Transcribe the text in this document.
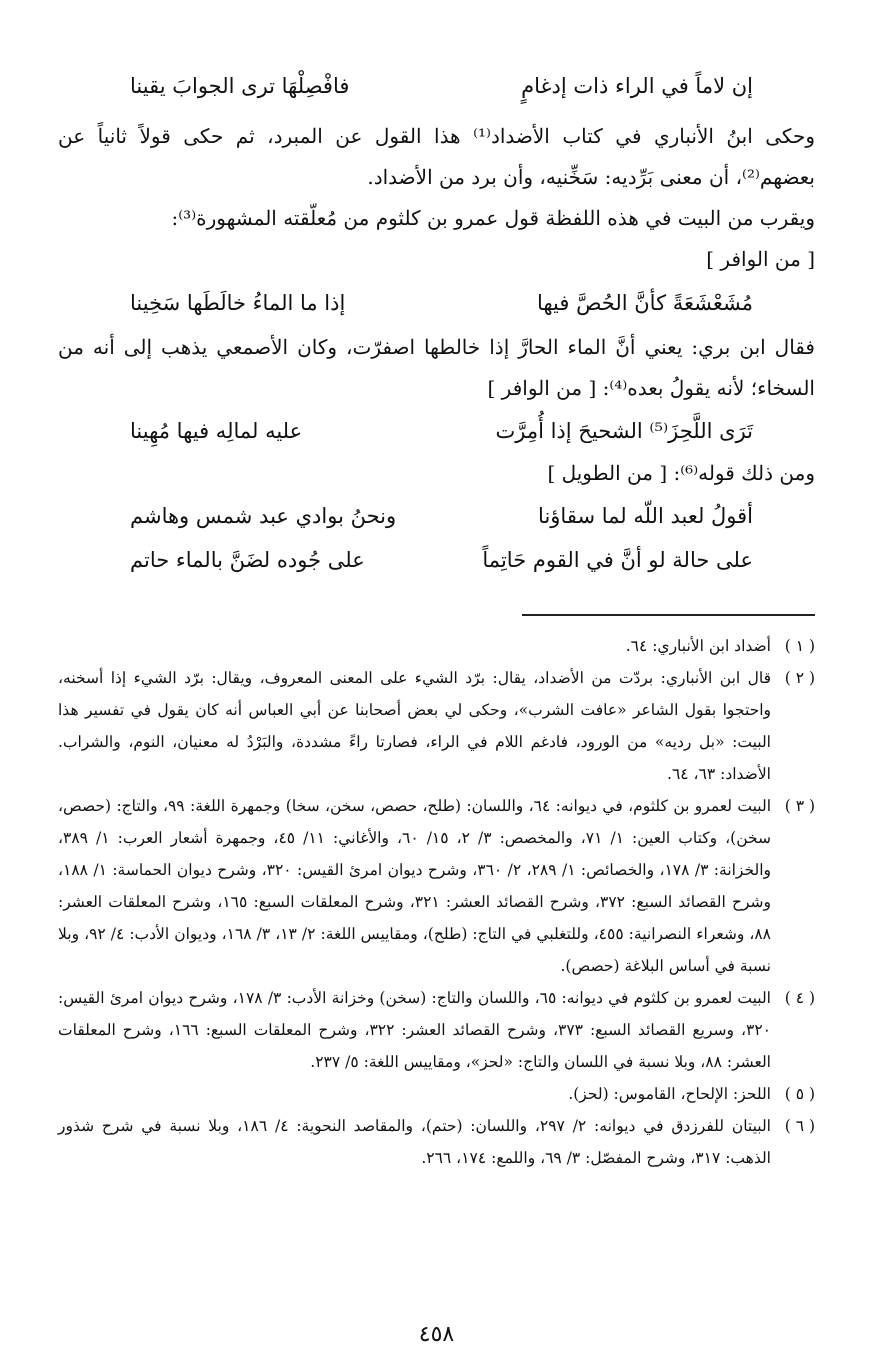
إن لاماً في الراء ذات إدغامٍ
فافْصِلْهَا ترى الجوابَ يقينا

وحكى ابنُ الأنباري في كتاب الأضداد⁽¹⁾ هذا القول عن المبرد، ثم حكى قولاً ثانياً عن بعضهم⁽²⁾، أن معنى بَرِّديه: سَخِّنيه، وأن برد من الأضداد.

ويقرب من البيت في هذه اللفظة قول عمرو بن كلثوم من مُعلّقته المشهورة⁽³⁾:

[ من الوافر ]

مُشَعْشَعَةً كأنَّ الحُصَّ فيها
إذا ما الماءُ خالَطَها سَخِينا

فقال ابن بري: يعني أنَّ الماء الحارَّ إذا خالطها اصفرّت، وكان الأصمعي يذهب إلى أنه من السخاء؛ لأنه يقولُ بعده⁽⁴⁾: [ من الوافر ]

تَرَى اللَّحِزَ⁽⁵⁾ الشحيحَ إذا أُمِرَّت
عليه لمالِه فيها مُهِينا

ومن ذلك قوله⁽⁶⁾: [ من الطويل ]

أقولُ لعبد اللّه لما سقاؤنا
ونحنُ بوادي عبد شمس وهاشم
على حالة لو أنَّ في القوم حَاتِماً
على جُوده لضَنَّ بالماء حاتم
( ١ )
أضداد ابن الأنباري: ٦٤.
( ٢ )
قال ابن الأنباري: بردّت من الأضداد، يقال: برّد الشيء على المعنى المعروف، ويقال: برّد الشيء إذا أسخنه، واحتجوا بقول الشاعر «عافت الشرب»، وحكى لي بعض أصحابنا عن أبي العباس أنه كان يقول في تفسير هذا البيت: «بل رديه» من الورود، فادغم اللام في الراء، فصارتا راءً مشددة، والبَرْدُ له معنيان، النوم، والشراب. الأضداد: ٦٣، ٦٤.
( ٣ )
البيت لعمرو بن كلثوم، في ديوانه: ٦٤، واللسان: (طلح، حصص، سخن، سخا) وجمهرة اللغة: ٩٩، والتاج: (حصص، سخن)، وكتاب العين: ١/ ٧١، والمخصص: ٣/ ٢، ١٥/ ٦٠، والأغاني: ١١/ ٤٥، وجمهرة أشعار العرب: ١/ ٣٨٩، والخزانة: ٣/ ١٧٨، والخصائص: ١/ ٢٨٩، ٢/ ٣٦٠، وشرح ديوان امرئ القيس: ٣٢٠، وشرح ديوان الحماسة: ١/ ١٨٨، وشرح القصائد السبع: ٣٧٢، وشرح القصائد العشر: ٣٢١، وشرح المعلقات السبع: ١٦٥، وشرح المعلقات العشر: ٨٨، وشعراء النصرانية: ٤٥٥، وللتغلبي في التاج: (طلح)، ومقاييس اللغة: ٢/ ١٣، ٣/ ١٦٨، وديوان الأدب: ٤/ ٩٢، وبلا نسبة في أساس البلاغة (حصص).
( ٤ )
البيت لعمرو بن كلثوم في ديوانه: ٦٥، واللسان والتاج: (سخن) وخزانة الأدب: ٣/ ١٧٨، وشرح ديوان امرئ القيس: ٣٢٠، وسريع القصائد السبع: ٣٧٣، وشرح القصائد العشر: ٣٢٢، وشرح المعلقات السبع: ١٦٦، وشرح المعلقات العشر: ٨٨، وبلا نسبة في اللسان والتاج: «لحز»، ومقاييس اللغة: ٥/ ٢٣٧.
( ٥ )
اللحز: الإلحاح، القاموس: (لحز).
( ٦ )
البيتان للفرزدق في ديوانه: ٢/ ٢٩٧، واللسان: (حتم)، والمقاصد النحوية: ٤/ ١٨٦، وبلا نسبة في شرح شذور الذهب: ٣١٧، وشرح المفصّل: ٣/ ٦٩، واللمع: ١٧٤، ٢٦٦.
٤٥٨
